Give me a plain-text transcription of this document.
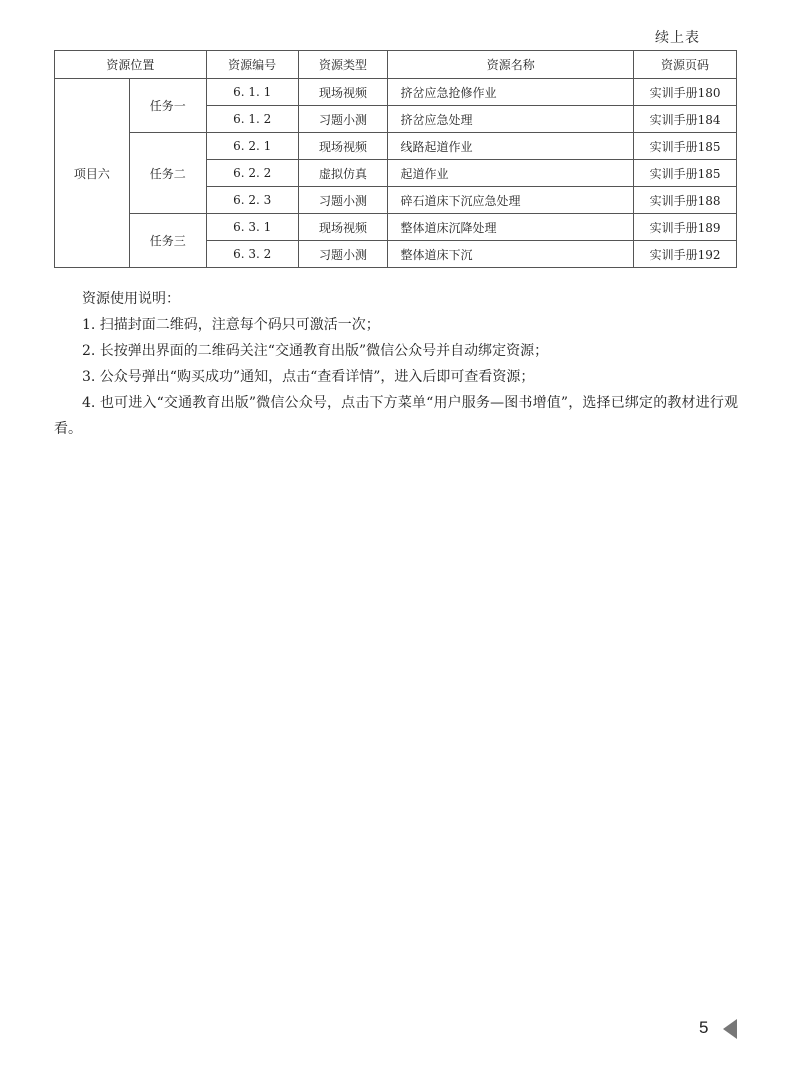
续上表
资源位置		资源编号	资源类型	资源名称	资源页码
项目六	任务一	6. 1. 1	现场视频	挤岔应急抢修作业	实训手册180
		6. 1. 2	习题小测	挤岔应急处理	实训手册184
	任务二	6. 2. 1	现场视频	线路起道作业	实训手册185
		6. 2. 2	虚拟仿真	起道作业	实训手册185
		6. 2. 3	习题小测	碎石道床下沉应急处理	实训手册188
	任务三	6. 3. 1	现场视频	整体道床沉降处理	实训手册189
		6. 3. 2	习题小测	整体道床下沉	实训手册192

资源使用说明：

1. 扫描封面二维码，注意每个码只可激活一次；

2. 长按弹出界面的二维码关注“交通教育出版”微信公众号并自动绑定资源；

3. 公众号弹出“购买成功”通知，点击“查看详情”，进入后即可查看资源；

4. 也可进入“交通教育出版”微信公众号，点击下方菜单“用户服务—图书增值”，选择已绑定的教材进行观看。

5
